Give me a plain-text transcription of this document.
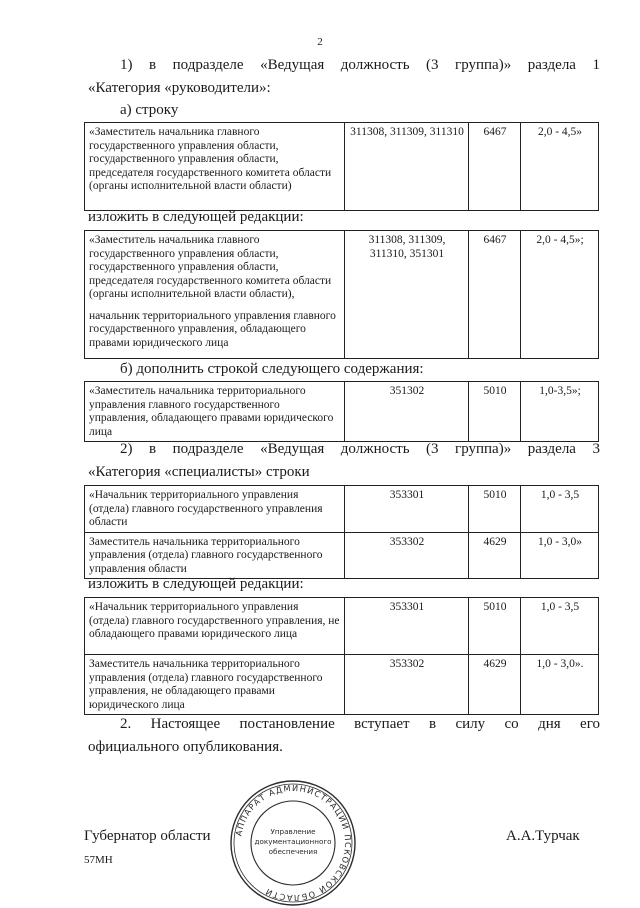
2
1) в подразделе «Ведущая должность (3 группа)» раздела 1
«Категория «руководители»:
а) строку
«Заместитель начальника главного государственного управления области, государственного управления области, председателя государственного комитета области (органы исполнительной власти области)	311308, 311309, 311310	6467	2,0 - 4,5»
изложить в следующей редакции:
«Заместитель начальника главного государственного управления области, государственного управления области, председателя государственного комитета области (органы исполнительной власти области),
начальник территориального управления главного государственного управления, обладающего правами юридического лица
	311308, 311309, 311310, 351301	6467	2,0 - 4,5»;
б) дополнить строкой следующего содержания:
«Заместитель начальника территориального управления главного государственного управления, обладающего правами юридического лица	351302	5010	1,0-3,5»;
2) в подразделе «Ведущая должность (3 группа)» раздела 3
«Категория «специалисты» строки
«Начальник территориального управления (отдела) главного государственного управления области	353301	5010	1,0 - 3,5
Заместитель начальника территориального управления (отдела) главного государственного управления области	353302	4629	1,0 - 3,0»
изложить в следующей редакции:
«Начальник территориального управления (отдела) главного государственного управления, не обладающего правами юридического лица	353301	5010	1,0 - 3,5
Заместитель начальника территориального управления (отдела) главного государственного управления, не обладающего правами юридического лица	353302	4629	1,0 - 3,0».
2. Настоящее постановление вступает в силу со дня его
официального опубликования.
Губернатор области	А.А.Турчак
57МН
АППАРАТ АДМИНИСТРАЦИИ ПСКОВСКОЙ ОБЛАСТИ
Управление
документационного
обеспечения
